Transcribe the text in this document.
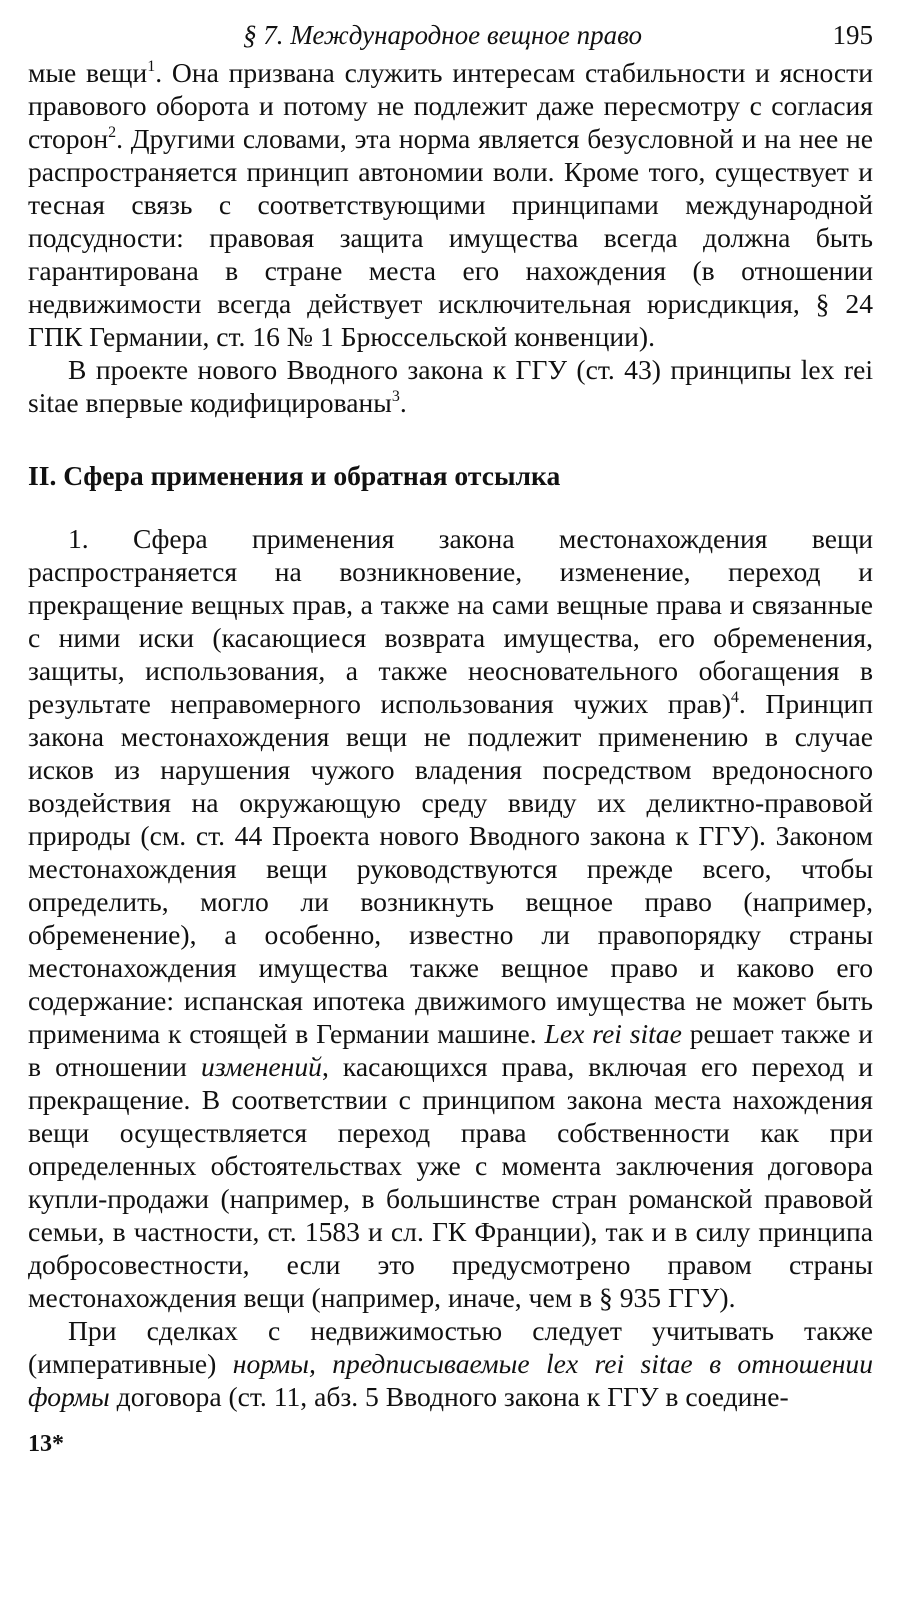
§ 7. Международное вещное право	195

мые вещи$^1$. Она призвана служить интересам стабильности и ясности правового оборота и потому не подлежит даже пересмотру с согласия сторон$^2$. Другими словами, эта норма является безусловной и на нее не распространяется принцип автономии воли. Кроме того, существует и тесная связь с соответствующими принципами международной подсудности: правовая защита имущества всегда должна быть гарантирована в стране места его нахождения (в отношении недвижимости всегда действует исключительная юрисдикция, § 24 ГПК Германии, ст. 16 № 1 Брюссельской конвенции).

В проекте нового Вводного закона к ГГУ (ст. 43) принципы lex rei sitae впервые кодифицированы$^3$.

II. Сфера применения и обратная отсылка

1. Сфера применения закона местонахождения вещи распространяется на возникновение, изменение, переход и прекращение вещных прав, а также на сами вещные права и связанные с ними иски (касающиеся возврата имущества, его обременения, защиты, использования, а также неосновательного обогащения в результате неправомерного использования чужих прав)$^4$. Принцип закона местонахождения вещи не подлежит применению в случае исков из нарушения чужого владения посредством вредоносного воздействия на окружающую среду ввиду их деликтно-правовой природы (см. ст. 44 Проекта нового Вводного закона к ГГУ). Законом местонахождения вещи руководствуются прежде всего, чтобы определить, могло ли возникнуть вещное право (например, обременение), а особенно, известно ли правопорядку страны местонахождения имущества также вещное право и каково его содержание: испанская ипотека движимого имущества не может быть применима к стоящей в Германии машине. Lex rei sitae решает также и в отношении изменений, касающихся права, включая его переход и прекращение. В соответствии с принципом закона места нахождения вещи осуществляется переход права собственности как при определенных обстоятельствах уже с момента заключения договора купли-продажи (например, в большинстве стран романской правовой семьи, в частности, ст. 1583 и сл. ГК Франции), так и в силу принципа добросовестности, если это предусмотрено правом страны местонахождения вещи (например, иначе, чем в § 935 ГГУ).

При сделках с недвижимостью следует учитывать также (императивные) нормы, предписываемые lex rei sitae в отношении формы договора (ст. 11, абз. 5 Вводного закона к ГГУ в соедине-

13*
